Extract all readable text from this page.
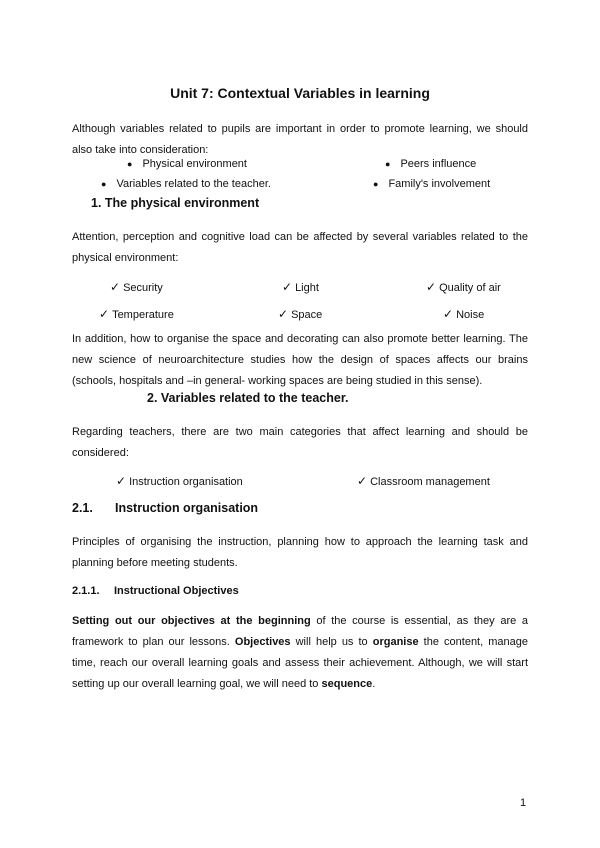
Unit 7: Contextual Variables in learning
Although variables related to pupils are important in order to promote learning, we should
also take into consideration:
● Physical environment	● Peers influence
● Variables related to the teacher.	● Family's involvement
1. The physical environment
Attention, perception and cognitive load can be affected by several variables related to the
physical environment:
✓ Security	✓ Light	✓ Quality of air
✓ Temperature	✓ Space	✓ Noise
In addition, how to organise the space and decorating can also promote better learning. The
new science of neuroarchitecture studies how the design of spaces affects our brains
(schools, hospitals and –in general- working spaces are being studied in this sense).
2. Variables related to the teacher.
Regarding teachers, there are two main categories that affect learning and should be
considered:
✓ Instruction organisation	✓ Classroom management
2.1. Instruction organisation
Principles of organising the instruction, planning how to approach the learning task and
planning before meeting students.
2.1.1. Instructional Objectives
Setting out our objectives at the beginning of the course is essential, as they are a
framework to plan our lessons. Objectives will help us to organise the content, manage
time, reach our overall learning goals and assess their achievement. Although, we will start
setting up our overall learning goal, we will need to sequence.
1
